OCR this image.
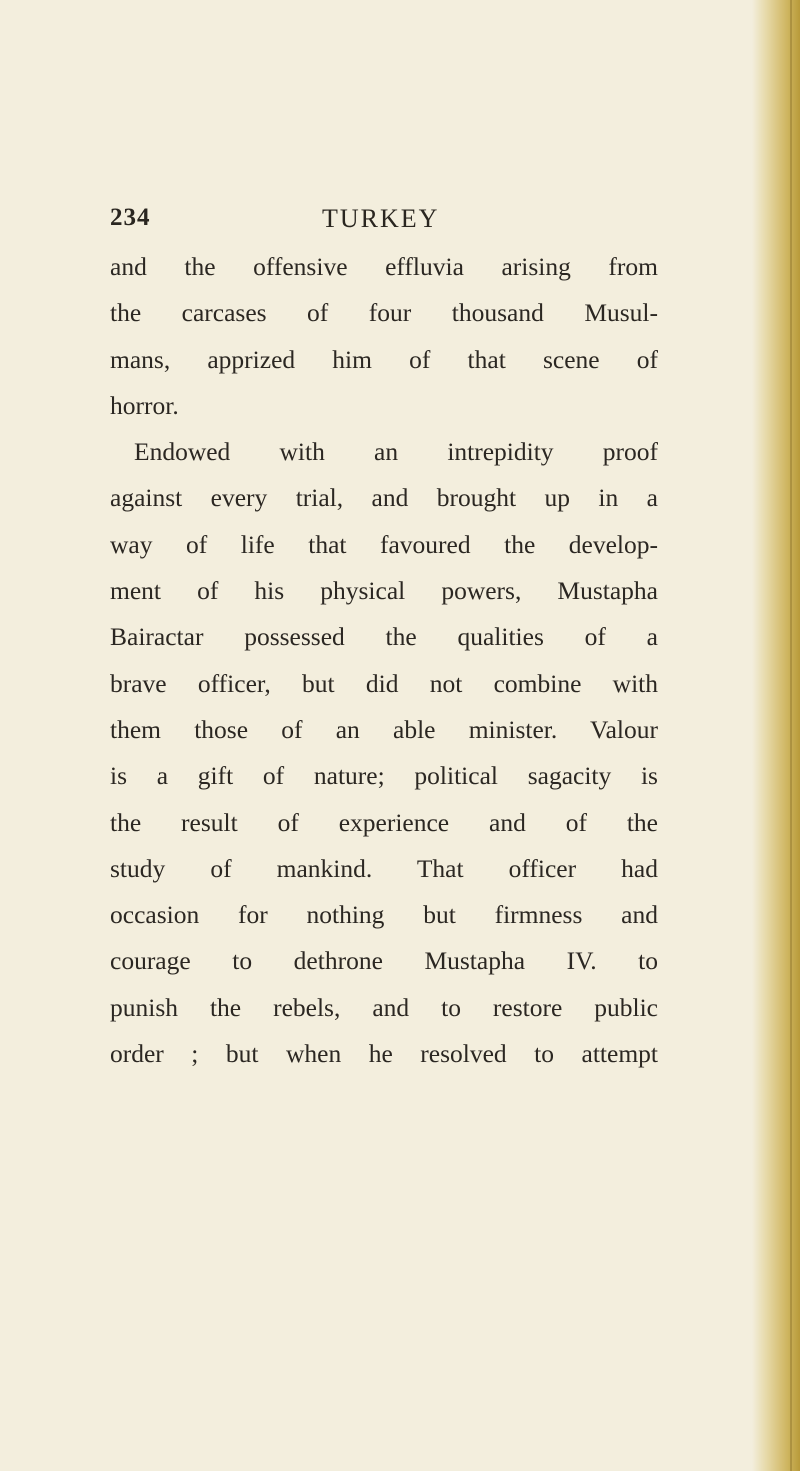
234	TURKEY
and the offensive effluvia arising from
the carcases of four thousand Musul-
mans, apprized him of that scene of
horror.
Endowed with an intrepidity proof
against every trial, and brought up in a
way of life that favoured the develop-
ment of his physical powers, Mustapha
Bairactar possessed the qualities of a
brave officer, but did not combine with
them those of an able minister. Valour
is a gift of nature; political sagacity is
the result of experience and of the
study of mankind. That officer had
occasion for nothing but firmness and
courage to dethrone Mustapha IV. to
punish the rebels, and to restore public
order ; but when he resolved to attempt
